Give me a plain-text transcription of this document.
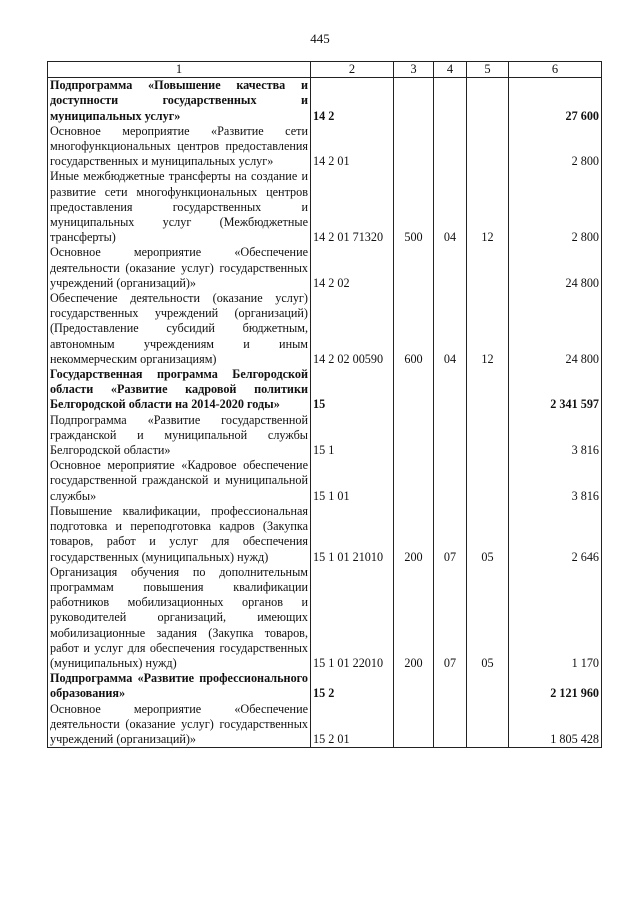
445
1	2	3	4	5	6
Подпрограмма «Повышение качества и доступности государственных и муниципальных услуг»	14 2				27 600
Основное мероприятие «Развитие сети многофункциональных центров предоставления государственных и муниципальных услуг»	14 2 01				2 800
Иные межбюджетные трансферты на создание и развитие сети многофункциональных центров предоставления государственных и муниципальных услуг (Межбюджетные трансферты)	14 2 01 71320	500	04	12	2 800
Основное мероприятие «Обеспечение деятельности (оказание услуг) государственных учреждений (организаций)»	14 2 02				24 800
Обеспечение деятельности (оказание услуг) государственных учреждений (организаций) (Предоставление субсидий бюджетным, автономным учреждениям и иным некоммерческим организациям)	14 2 02 00590	600	04	12	24 800
Государственная программа Белгородской области «Развитие кадровой политики Белгородской области на 2014-2020 годы»	15				2 341 597
Подпрограмма «Развитие государственной гражданской и муниципальной службы Белгородской области»	15 1				3 816
Основное мероприятие «Кадровое обеспечение государственной гражданской и муниципальной службы»	15 1 01				3 816
Повышение квалификации, профессиональная подготовка и переподготовка кадров (Закупка товаров, работ и услуг для обеспечения государственных (муниципальных) нужд)	15 1 01 21010	200	07	05	2 646
Организация обучения по дополнительным программам повышения квалификации работников мобилизационных органов и руководителей организаций, имеющих мобилизационные задания (Закупка товаров, работ и услуг для обеспечения государственных (муниципальных) нужд)	15 1 01 22010	200	07	05	1 170
Подпрограмма «Развитие профессионального образования»	15 2				2 121 960
Основное мероприятие «Обеспечение деятельности (оказание услуг) государственных учреждений (организаций)»	15 2 01				1 805 428
